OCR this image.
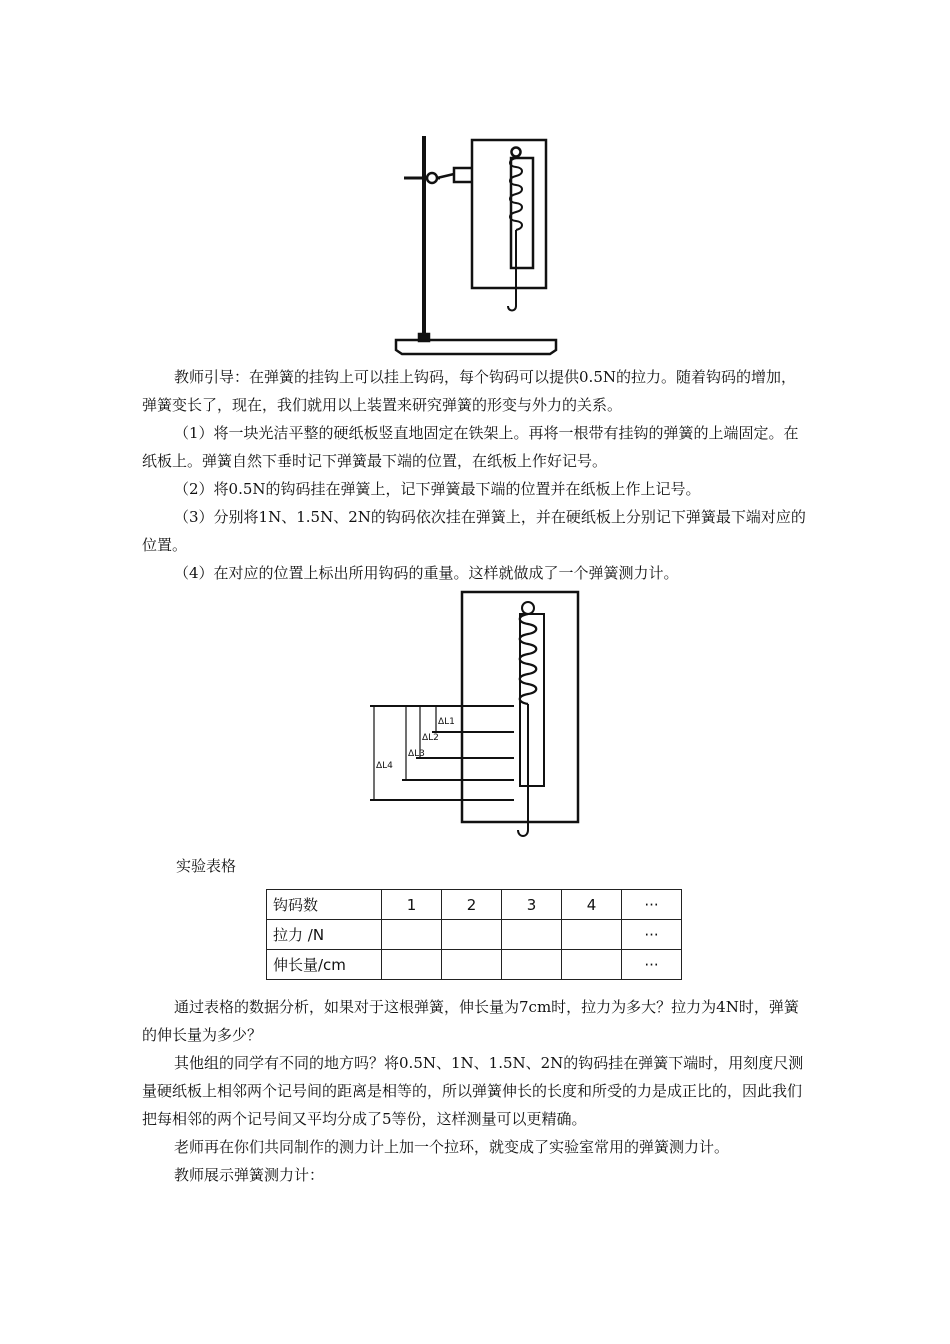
教师引导：在弹簧的挂钩上可以挂上钩码，每个钩码可以提供0.5N的拉力。随着钩码的增加，弹簧变长了，现在，我们就用以上装置来研究弹簧的形变与外力的关系。

（1）将一块光洁平整的硬纸板竖直地固定在铁架上。再将一根带有挂钩的弹簧的上端固定。在纸板上。弹簧自然下垂时记下弹簧最下端的位置，在纸板上作好记号。

（2）将0.5N的钩码挂在弹簧上，记下弹簧最下端的位置并在纸板上作上记号。

（3）分别将1N、1.5N、2N的钩码依次挂在弹簧上，并在硬纸板上分别记下弹簧最下端对应的位置。

（4）在对应的位置上标出所用钩码的重量。这样就做成了一个弹簧测力计。

ΔL1
ΔL2
ΔL3
ΔL4
实验表格
钩码数	1	2	3	4	···
拉力 /N					···
伸长量/cm					···

通过表格的数据分析，如果对于这根弹簧，伸长量为7cm时，拉力为多大？拉力为4N时，弹簧的伸长量为多少？

其他组的同学有不同的地方吗？将0.5N、1N、1.5N、2N的钩码挂在弹簧下端时，用刻度尺测量硬纸板上相邻两个记号间的距离是相等的，所以弹簧伸长的长度和所受的力是成正比的，因此我们把每相邻的两个记号间又平均分成了5等份，这样测量可以更精确。

老师再在你们共同制作的测力计上加一个拉环，就变成了实验室常用的弹簧测力计。

教师展示弹簧测力计：
